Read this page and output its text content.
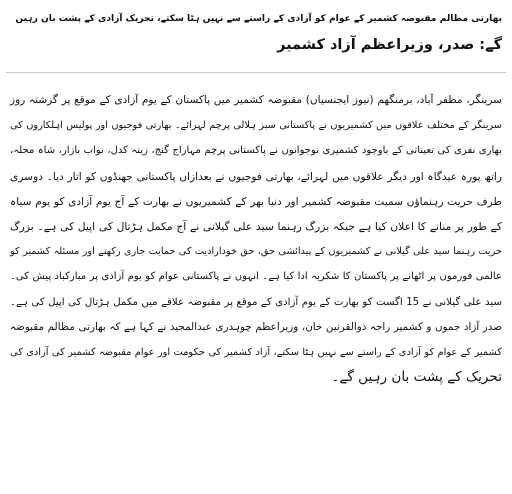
بھارتی مظالم مقبوضہ کشمیر کے عوام کو آزادی کے راستے سے نہیں ہٹا سکتے، تحریک آزادی کے پشت بان رہیں
گے: صدر، وزیراعظم آزاد کشمیر
سرینگر، مظفر آباد، برمنگھم (نیوز ایجنسیاں) مقبوضہ کشمیر میں پاکستان کے یوم آزادی کے موقع پر گزشتہ روز
سرینگر کے مختلف علاقوں میں کشمیریوں نے پاکستانی سبز ہلالی پرچم لہرائے۔ بھارتی فوجیوں اور پولیس اہلکاروں کی
بھاری نفری کی تعیناتی کے باوجود کشمیری نوجوانوں نے پاکستانی پرچم مہاراج گنج، زینہ کدل، نواب بازار، شاہ محلہ،
راتھ پورہ عیدگاہ اور دیگر علاقوں میں لہرائے، بھارتی فوجیوں نے بعدازاں پاکستانی جھنڈوں کو اتار دیا۔ دوسری
طرف حریت رہنماؤں سمیت مقبوضہ کشمیر اور دنیا بھر کے کشمیریوں نے بھارت کے آج یوم آزادی کو یوم سیاہ
کے طور پر منانے کا اعلان کیا ہے جبکہ بزرگ رہنما سید علی گیلانی نے آج مکمل ہڑتال کی اپیل کی ہے۔ بزرگ
حریت رہنما سید علی گیلانی نے کشمیریوں کے پیدائشی حق، حق خودارادیت کی حمایت جاری رکھنے اور مسئلہ کشمیر کو
عالمی فورموں پر اٹھانے پر پاکستان کا شکریہ ادا کیا ہے۔ انہوں نے پاکستانی عوام کو یوم آزادی پر مبارکباد پیش کی۔
سید علی گیلانی نے 15 اگست کو بھارت کے یوم آزادی کے موقع پر مقبوضہ علاقے میں مکمل ہڑتال کی اپیل کی ہے۔
صدر آزاد جموں و کشمیر راجہ ذوالقرنین خان، وزیراعظم چوہدری عبدالمجید نے کہا ہے کہ بھارتی مظالم مقبوضہ
کشمیر کے عوام کو آزادی کے راستے سے نہیں ہٹا سکتے، آزاد کشمیر کی حکومت اور عوام مقبوضہ کشمیر کی آزادی کی
تحریک کے پشت بان رہیں گے۔
